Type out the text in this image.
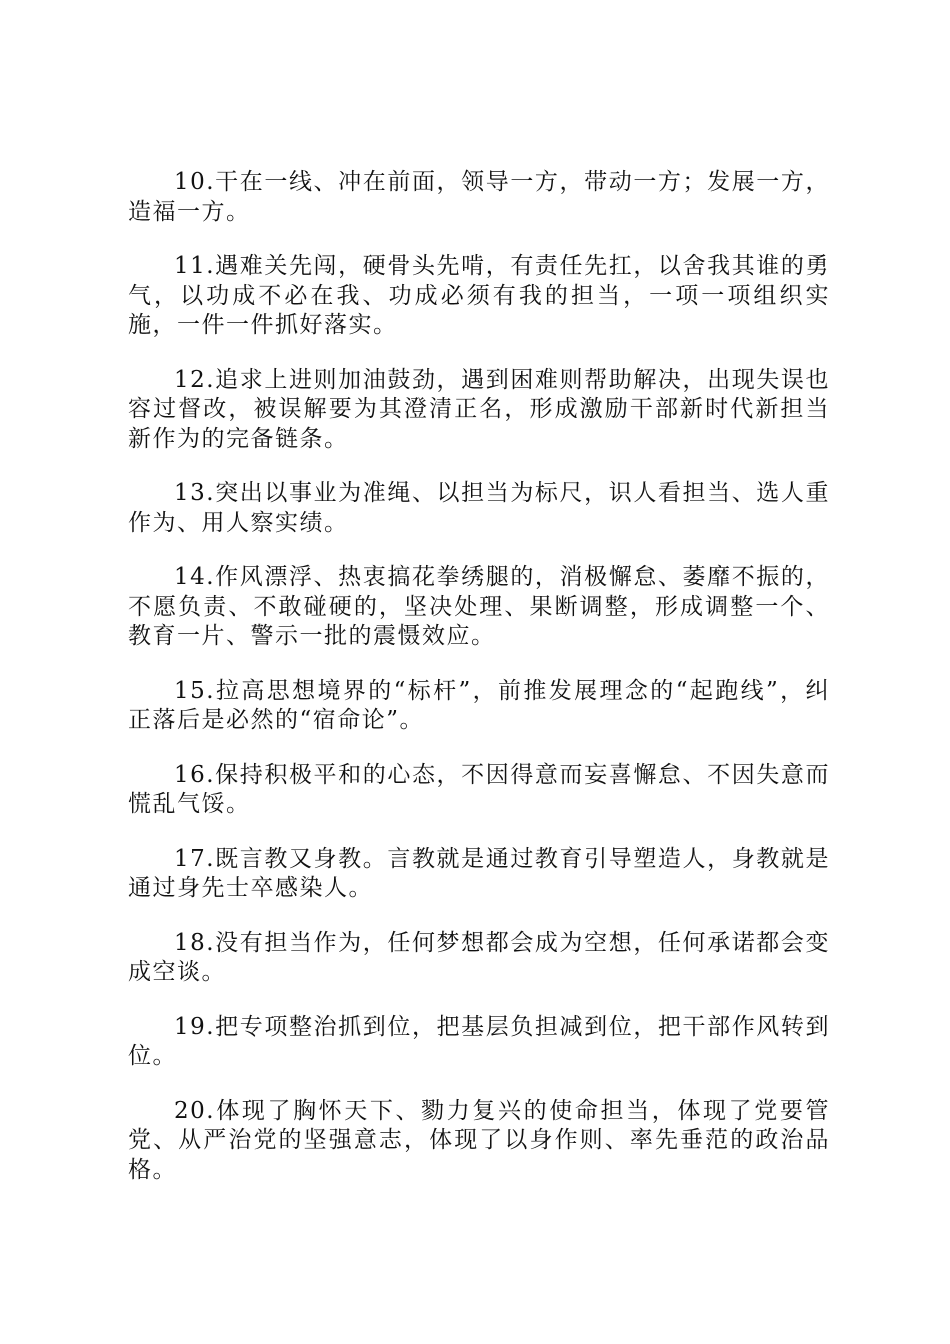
10.干在一线、冲在前面，领导一方，带动一方；发展一方，造福一方。

11.遇难关先闯，硬骨头先啃，有责任先扛，以舍我其谁的勇气，以功成不必在我、功成必须有我的担当，一项一项组织实施，一件一件抓好落实。

12.追求上进则加油鼓劲，遇到困难则帮助解决，出现失误也容过督改，被误解要为其澄清正名，形成激励干部新时代新担当新作为的完备链条。

13.突出以事业为准绳、以担当为标尺，识人看担当、选人重作为、用人察实绩。

14.作风漂浮、热衷搞花拳绣腿的，消极懈怠、萎靡不振的，不愿负责、不敢碰硬的，坚决处理、果断调整，形成调整一个、教育一片、警示一批的震慑效应。

15.拉高思想境界的“标杆”，前推发展理念的“起跑线”，纠正落后是必然的“宿命论”。

16.保持积极平和的心态，不因得意而妄喜懈怠、不因失意而慌乱气馁。

17.既言教又身教。言教就是通过教育引导塑造人，身教就是通过身先士卒感染人。

18.没有担当作为，任何梦想都会成为空想，任何承诺都会变成空谈。

19.把专项整治抓到位，把基层负担减到位，把干部作风转到位。

20.体现了胸怀天下、勠力复兴的使命担当，体现了党要管党、从严治党的坚强意志，体现了以身作则、率先垂范的政治品格。
